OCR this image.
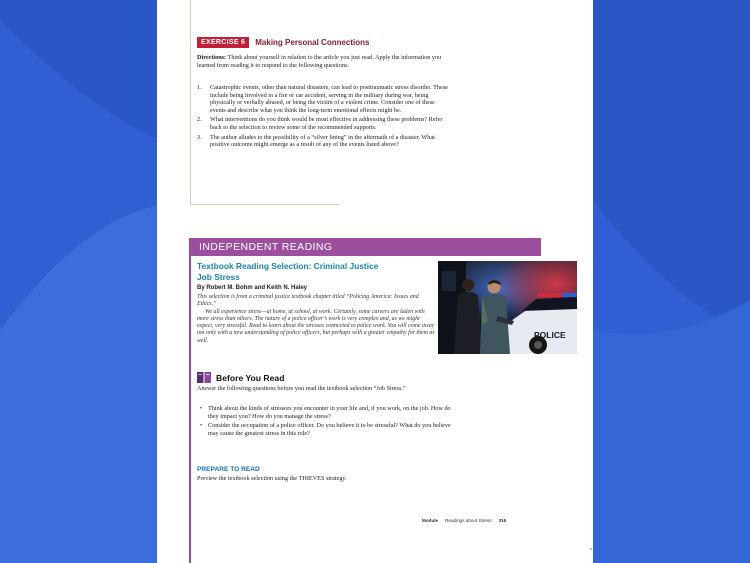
EXERCISE 6	Making Personal Connections
Directions: Think about yourself in relation to the article you just read. Apply the information you learned from reading it to respond to the following questions.
1.	Catastrophic events, other than natural disasters, can lead to posttraumatic stress disorder. These include being involved in a fire or car accident, serving in the military during war, being physically or verbally abused, or being the victim of a violent crime. Consider one of these events and describe what you think the long-term emotional effects might be.
2.	What interventions do you think would be most effective in addressing these problems? Refer back to the selection to review some of the recommended supports.
3.	The author alludes to the possibility of a “silver lining” in the aftermath of a disaster. What positive outcome might emerge as a result of any of the events listed above?
INDEPENDENT READING
Textbook Reading Selection: Criminal Justice
Job Stress
By Robert M. Bohm and Keith N. Haley

This selection is from a criminal justice textbook chapter titled “Policing America: Issues and Ethics.”

We all experience stress—at home, at school, at work. Certainly, some careers are laden with more stress than others. The nature of a police officer’s work is very complex and, as we might expect, very stressful. Read to learn about the stresses connected to police work. You will come away not only with a new understanding of police officers, but perhaps with a greater empathy for them as well.

POLICE
Before You Read
Answer the following questions before you read the textbook selection “Job Stress.”
• Think about the kinds of stressors you encounter in your life and, if you work, on the job. How do they impact you? How do you manage the stress?
• Consider the occupation of a police officer. Do you believe it to be stressful? What do you believe may cause the greatest stress in this role?
PREPARE TO READ
Preview the textbook selection using the THIEVES strategy.
Module Readings about Stress 315
